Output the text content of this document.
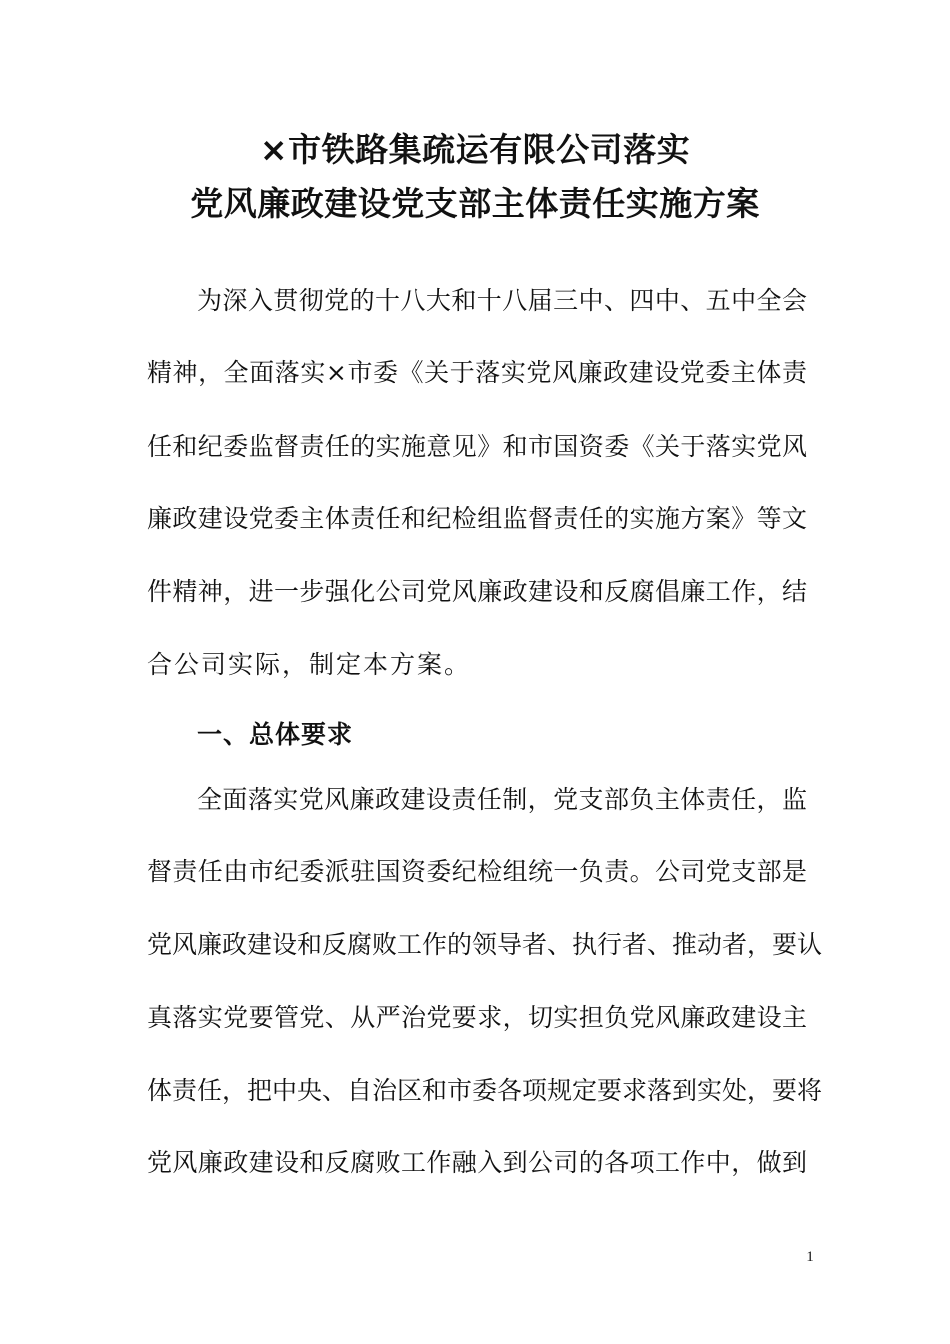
×市铁路集疏运有限公司落实
党风廉政建设党支部主体责任实施方案
为深入贯彻党的十八大和十八届三中、四中、五中全会
精神，全面落实×市委《关于落实党风廉政建设党委主体责
任和纪委监督责任的实施意见》和市国资委《关于落实党风
廉政建设党委主体责任和纪检组监督责任的实施方案》等文
件精神，进一步强化公司党风廉政建设和反腐倡廉工作，结
合公司实际，制定本方案。
一、总体要求
全面落实党风廉政建设责任制，党支部负主体责任，监
督责任由市纪委派驻国资委纪检组统一负责。公司党支部是
党风廉政建设和反腐败工作的领导者、执行者、推动者，要认
真落实党要管党、从严治党要求，切实担负党风廉政建设主
体责任，把中央、自治区和市委各项规定要求落到实处，要将
党风廉政建设和反腐败工作融入到公司的各项工作中，做到
1
